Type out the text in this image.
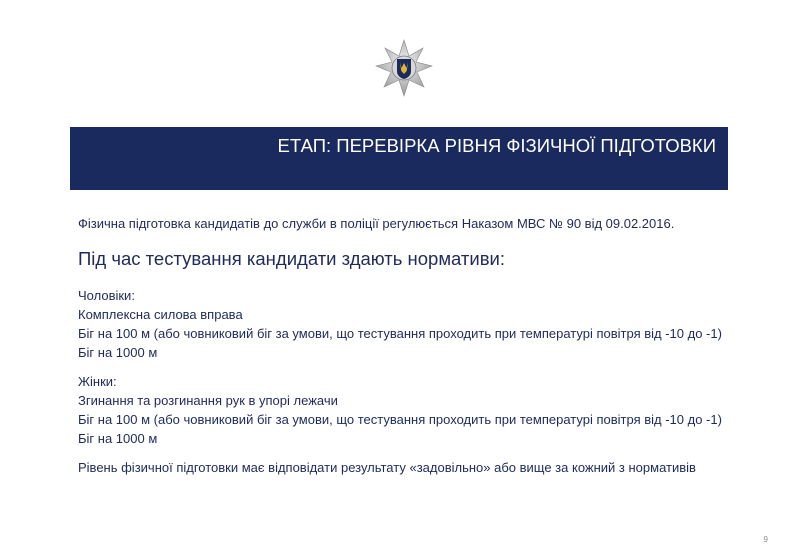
ЕТАП: ПЕРЕВІРКА РІВНЯ ФІЗИЧНОЇ ПІДГОТОВКИ

Фізична підготовка кандидатів до служби в поліції регулюється Наказом МВС № 90 від 09.02.2016.

Під час тестування кандидати здають нормативи:

Чоловіки:
Комплексна силова вправа
Біг на 100 м (або човниковий біг за умови, що тестування проходить при температурі повітря від -10 до -1) Біг на 1000 м
Жінки:
Згинання та розгинання рук в упорі лежачи
Біг на 100 м (або човниковий біг за умови, що тестування проходить при температурі повітря від -10 до -1) Біг на 1000 м

Рівень фізичної підготовки має відповідати результату «задовільно» або вище за кожний з нормативів

9
